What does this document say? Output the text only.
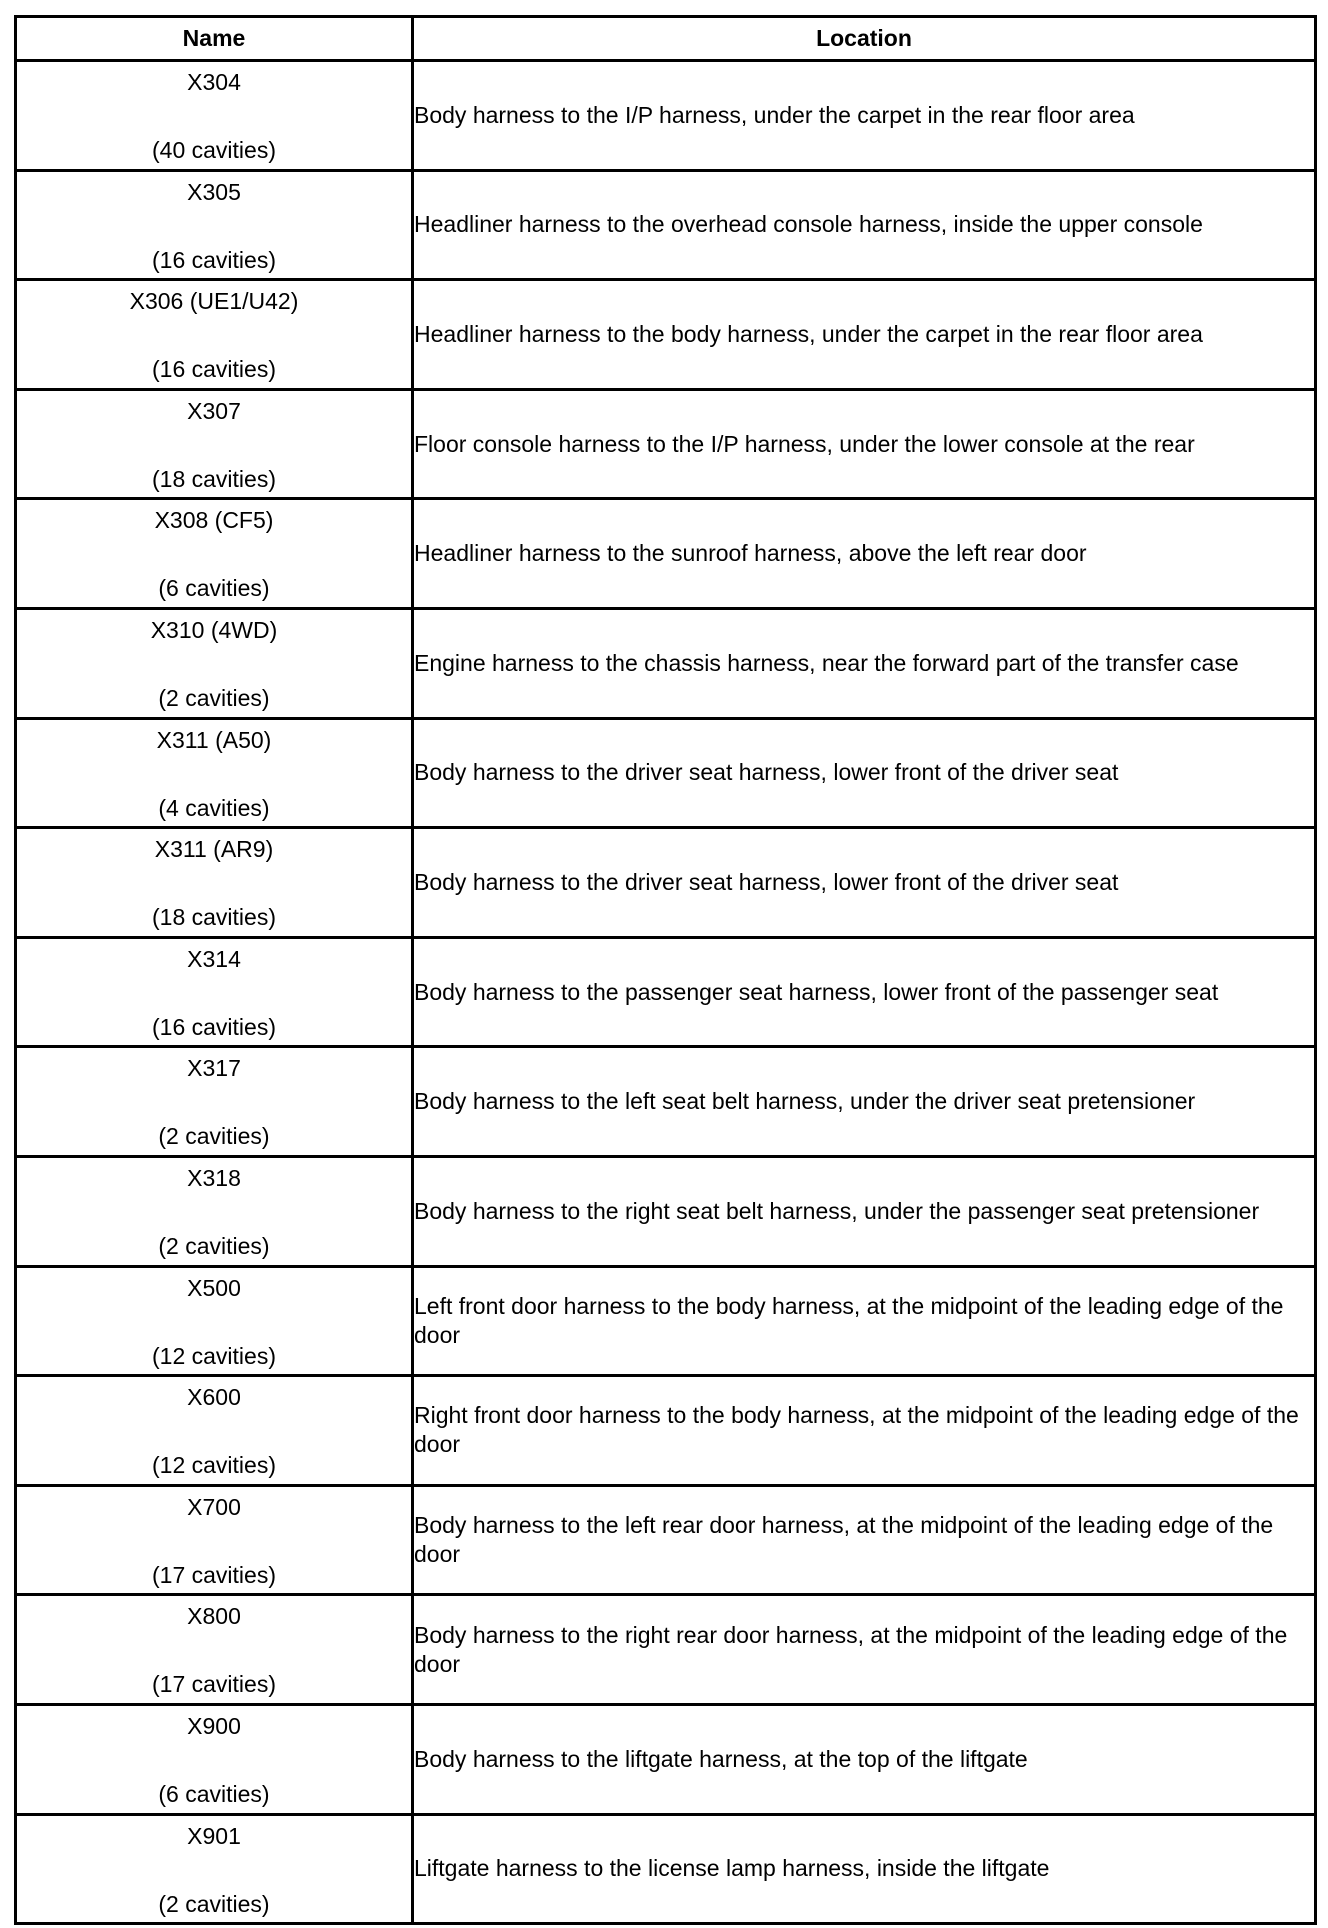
Name	Location

X304
(40 cavities)	Body harness to the I/P harness, under the carpet in the rear floor area

X305
(16 cavities)	Headliner harness to the overhead console harness, inside the upper console

X306 (UE1/U42)
(16 cavities)	Headliner harness to the body harness, under the carpet in the rear floor area

X307
(18 cavities)	Floor console harness to the I/P harness, under the lower console at the rear

X308 (CF5)
(6 cavities)	Headliner harness to the sunroof harness, above the left rear door

X310 (4WD)
(2 cavities)	Engine harness to the chassis harness, near the forward part of the transfer case

X311 (A50)
(4 cavities)	Body harness to the driver seat harness, lower front of the driver seat

X311 (AR9)
(18 cavities)	Body harness to the driver seat harness, lower front of the driver seat

X314
(16 cavities)	Body harness to the passenger seat harness, lower front of the passenger seat

X317
(2 cavities)	Body harness to the left seat belt harness, under the driver seat pretensioner

X318
(2 cavities)	Body harness to the right seat belt harness, under the passenger seat pretensioner

X500
(12 cavities)	Left front door harness to the body harness, at the midpoint of the leading edge of the door

X600
(12 cavities)	Right front door harness to the body harness, at the midpoint of the leading edge of the door

X700
(17 cavities)	Body harness to the left rear door harness, at the midpoint of the leading edge of the door

X800
(17 cavities)	Body harness to the right rear door harness, at the midpoint of the leading edge of the door

X900
(6 cavities)	Body harness to the liftgate harness, at the top of the liftgate

X901
(2 cavities)	Liftgate harness to the license lamp harness, inside the liftgate
